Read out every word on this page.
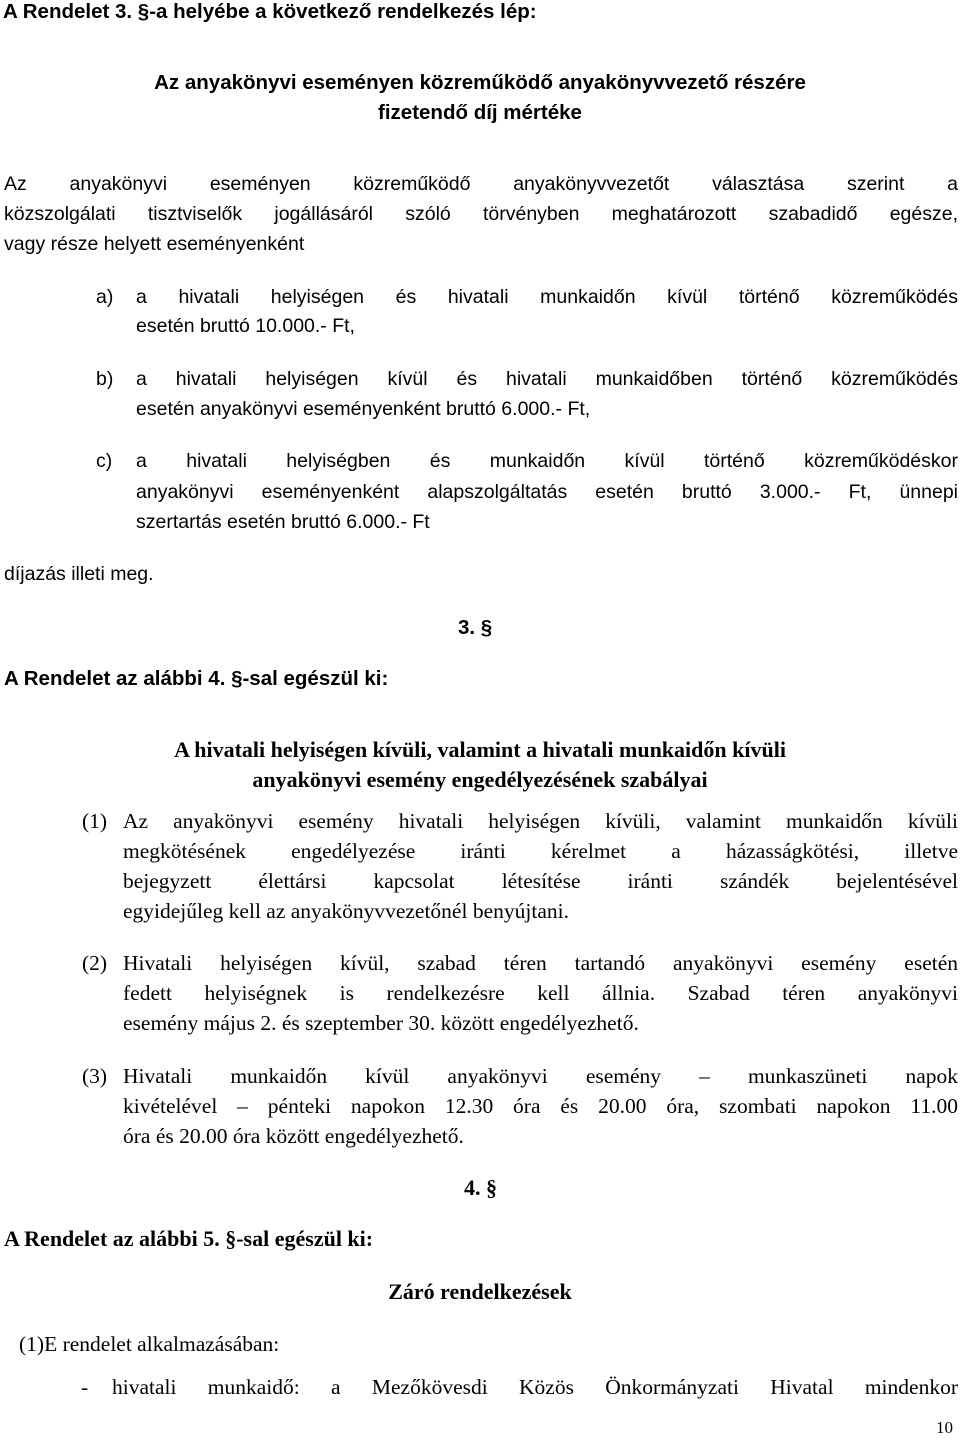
A Rendelet 3. §-a helyébe a következő rendelkezés lép:
Az anyakönyvi eseményen közreműködő anyakönyvvezető részére
fizetendő díj mértéke
Az anyakönyvi eseményen közreműködő anyakönyvvezetőt választása szerint a
közszolgálati tisztviselők jogállásáról szóló törvényben meghatározott szabadidő egésze,
vagy része helyett eseményenként
a) a hivatali helyiségen és hivatali munkaidőn kívül történő közreműködés
esetén bruttó 10.000.- Ft,
b) a hivatali helyiségen kívül és hivatali munkaidőben történő közreműködés
esetén anyakönyvi eseményenként bruttó 6.000.- Ft,
c) a hivatali helyiségben és munkaidőn kívül történő közreműködéskor
anyakönyvi eseményenként alapszolgáltatás esetén bruttó 3.000.- Ft, ünnepi
szertartás esetén bruttó 6.000.- Ft
díjazás illeti meg.
3. §
A Rendelet az alábbi 4. §-sal egészül ki:
A hivatali helyiségen kívüli, valamint a hivatali munkaidőn kívüli
anyakönyvi esemény engedélyezésének szabályai
(1) Az anyakönyvi esemény hivatali helyiségen kívüli, valamint munkaidőn kívüli
megkötésének engedélyezése iránti kérelmet a házasságkötési, illetve
bejegyzett élettársi kapcsolat létesítése iránti szándék bejelentésével
egyidejűleg kell az anyakönyvvezetőnél benyújtani.
(2) Hivatali helyiségen kívül, szabad téren tartandó anyakönyvi esemény esetén
fedett helyiségnek is rendelkezésre kell állnia. Szabad téren anyakönyvi
esemény május 2. és szeptember 30. között engedélyezhető.
(3) Hivatali munkaidőn kívül anyakönyvi esemény – munkaszüneti napok
kivételével – pénteki napokon 12.30 óra és 20.00 óra, szombati napokon 11.00
óra és 20.00 óra között engedélyezhető.
4. §
A Rendelet az alábbi 5. §-sal egészül ki:
Záró rendelkezések
(1)E rendelet alkalmazásában:
- hivatali munkaidő: a Mezőkövesdi Közös Önkormányzati Hivatal mindenkor
10
